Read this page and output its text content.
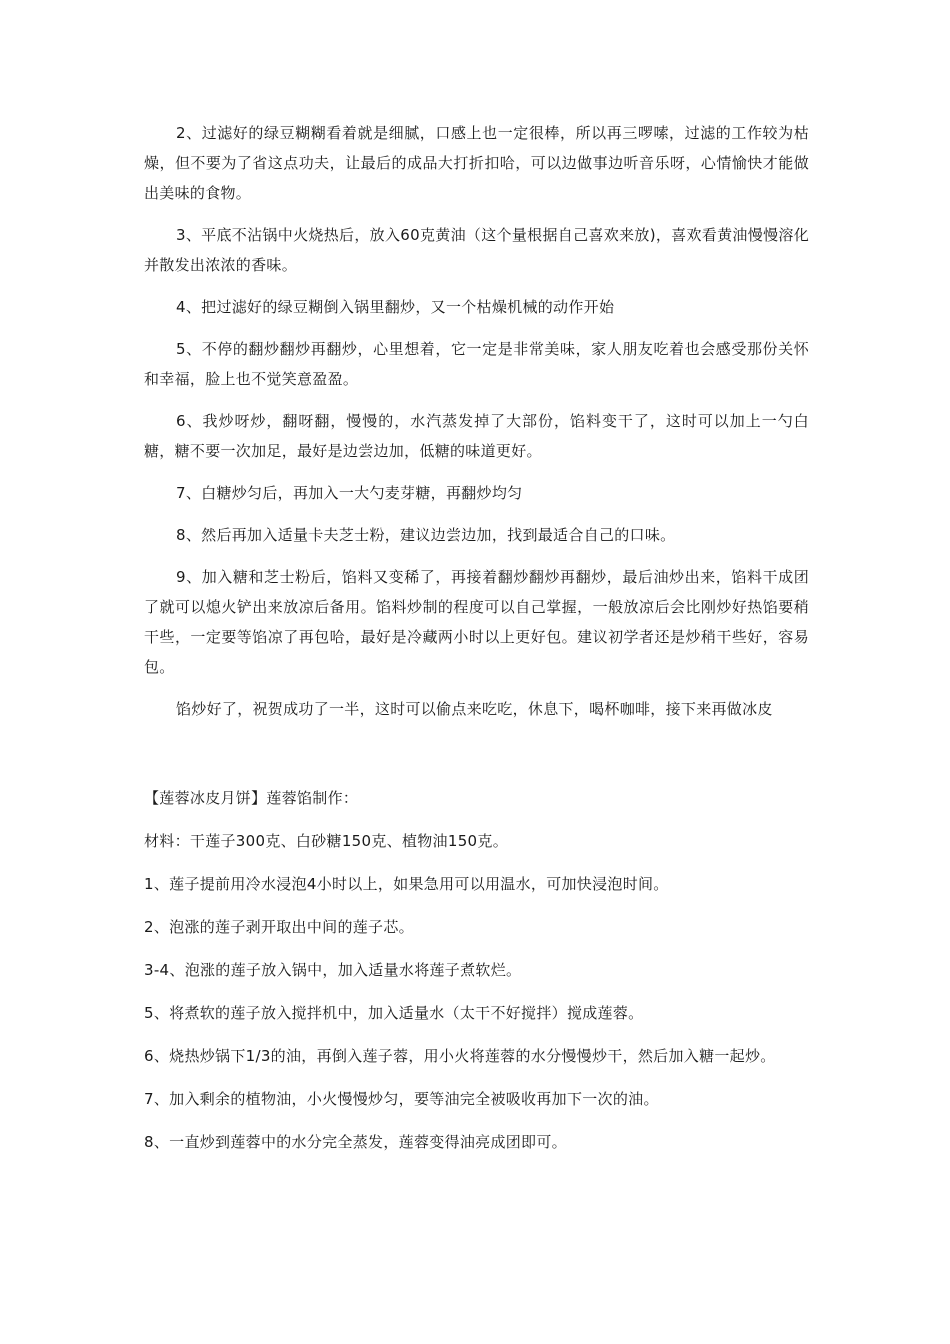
2、过滤好的绿豆糊糊看着就是细腻，口感上也一定很棒，所以再三啰嗦，过滤的工作较为枯燥，但不要为了省这点功夫，让最后的成品大打折扣哈，可以边做事边听音乐呀，心情愉快才能做出美味的食物。

3、平底不沾锅中火烧热后，放入60克黄油（这个量根据自己喜欢来放)，喜欢看黄油慢慢溶化并散发出浓浓的香味。

4、把过滤好的绿豆糊倒入锅里翻炒，又一个枯燥机械的动作开始

5、不停的翻炒翻炒再翻炒，心里想着，它一定是非常美味，家人朋友吃着也会感受那份关怀和幸福，脸上也不觉笑意盈盈。

6、我炒呀炒，翻呀翻，慢慢的，水汽蒸发掉了大部份，馅料变干了，这时可以加上一勺白糖，糖不要一次加足，最好是边尝边加，低糖的味道更好。

7、白糖炒匀后，再加入一大勺麦芽糖，再翻炒均匀

8、然后再加入适量卡夫芝士粉，建议边尝边加，找到最适合自己的口味。

9、加入糖和芝士粉后，馅料又变稀了，再接着翻炒翻炒再翻炒，最后油炒出来，馅料干成团了就可以熄火铲出来放凉后备用。馅料炒制的程度可以自己掌握，一般放凉后会比刚炒好热馅要稍干些，一定要等馅凉了再包哈，最好是冷藏两小时以上更好包。建议初学者还是炒稍干些好，容易包。

馅炒好了，祝贺成功了一半，这时可以偷点来吃吃，休息下，喝杯咖啡，接下来再做冰皮

【莲蓉冰皮月饼】莲蓉馅制作：

材料：干莲子300克、白砂糖150克、植物油150克。

1、莲子提前用冷水浸泡4小时以上，如果急用可以用温水，可加快浸泡时间。

2、泡涨的莲子剥开取出中间的莲子芯。

3-4、泡涨的莲子放入锅中，加入适量水将莲子煮软烂。

5、将煮软的莲子放入搅拌机中，加入适量水（太干不好搅拌）搅成莲蓉。

6、烧热炒锅下1/3的油，再倒入莲子蓉，用小火将莲蓉的水分慢慢炒干，然后加入糖一起炒。

7、加入剩余的植物油，小火慢慢炒匀，要等油完全被吸收再加下一次的油。

8、一直炒到莲蓉中的水分完全蒸发，莲蓉变得油亮成团即可。
